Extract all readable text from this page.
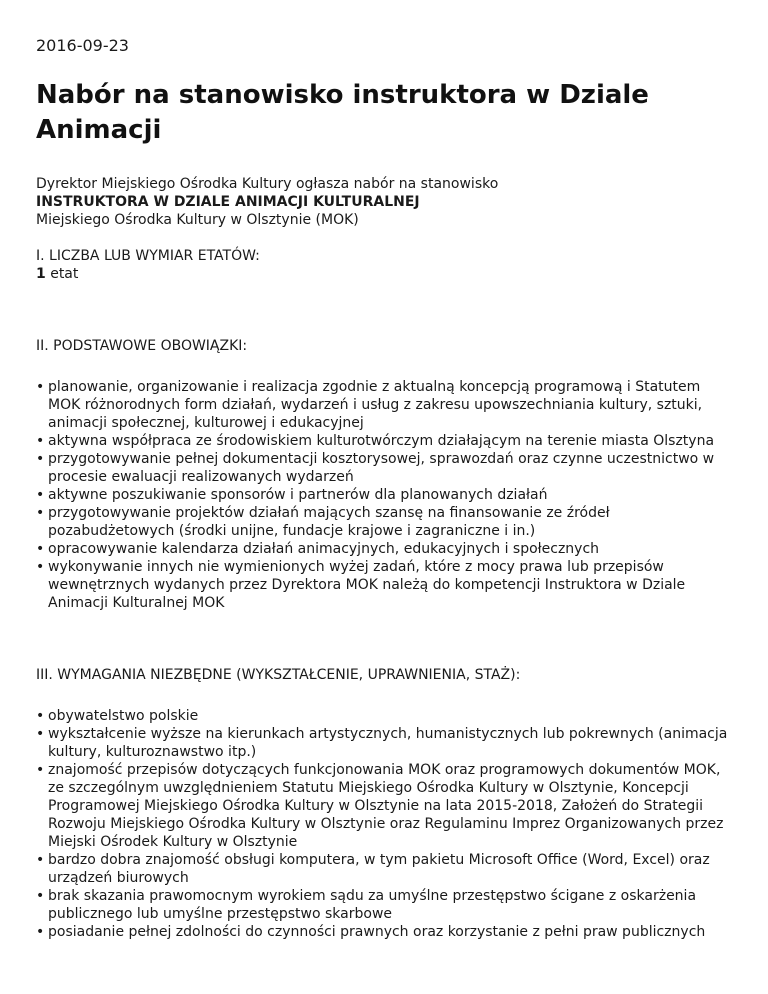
2016-09-23
Nabór na stanowisko instruktora w Dziale Animacji

Dyrektor Miejskiego Ośrodka Kultury ogłasza nabór na stanowisko

INSTRUKTORA W DZIALE ANIMACJI KULTURALNEJ

Miejskiego Ośrodka Kultury w Olsztynie (MOK)

I. LICZBA LUB WYMIAR ETATÓW:

1 etat

II. PODSTAWOWE OBOWIĄZKI:

• planowanie, organizowanie i realizacja zgodnie z aktualną koncepcją programową i Statutem MOK różnorodnych form działań, wydarzeń i usług z zakresu upowszechniania kultury, sztuki, animacji społecznej, kulturowej i edukacyjnej
• aktywna współpraca ze środowiskiem kulturotwórczym działającym na terenie miasta Olsztyna
• przygotowywanie pełnej dokumentacji kosztorysowej, sprawozdań oraz czynne uczestnictwo w procesie ewaluacji realizowanych wydarzeń
• aktywne poszukiwanie sponsorów i partnerów dla planowanych działań
• przygotowywanie projektów działań mających szansę na finansowanie ze źródeł pozabudżetowych (środki unijne, fundacje krajowe i zagraniczne i in.)
• opracowywanie kalendarza działań animacyjnych, edukacyjnych i społecznych
• wykonywanie innych nie wymienionych wyżej zadań, które z mocy prawa lub przepisów wewnętrznych wydanych przez Dyrektora MOK należą do kompetencji Instruktora w Dziale Animacji Kulturalnej MOK

III. WYMAGANIA NIEZBĘDNE (WYKSZTAŁCENIE, UPRAWNIENIA, STAŻ):

• obywatelstwo polskie
• wykształcenie wyższe na kierunkach artystycznych, humanistycznych lub pokrewnych (animacja kultury, kulturoznawstwo itp.)
• znajomość przepisów dotyczących funkcjonowania MOK oraz programowych dokumentów MOK, ze szczególnym uwzględnieniem Statutu Miejskiego Ośrodka Kultury w Olsztynie, Koncepcji Programowej Miejskiego Ośrodka Kultury w Olsztynie na lata 2015-2018, Założeń do Strategii Rozwoju Miejskiego Ośrodka Kultury w Olsztynie oraz Regulaminu Imprez Organizowanych przez Miejski Ośrodek Kultury w Olsztynie
• bardzo dobra znajomość obsługi komputera, w tym pakietu Microsoft Office (Word, Excel) oraz urządzeń biurowych
• brak skazania prawomocnym wyrokiem sądu za umyślne przestępstwo ścigane z oskarżenia publicznego lub umyślne przestępstwo skarbowe
• posiadanie pełnej zdolności do czynności prawnych oraz korzystanie z pełni praw publicznych
